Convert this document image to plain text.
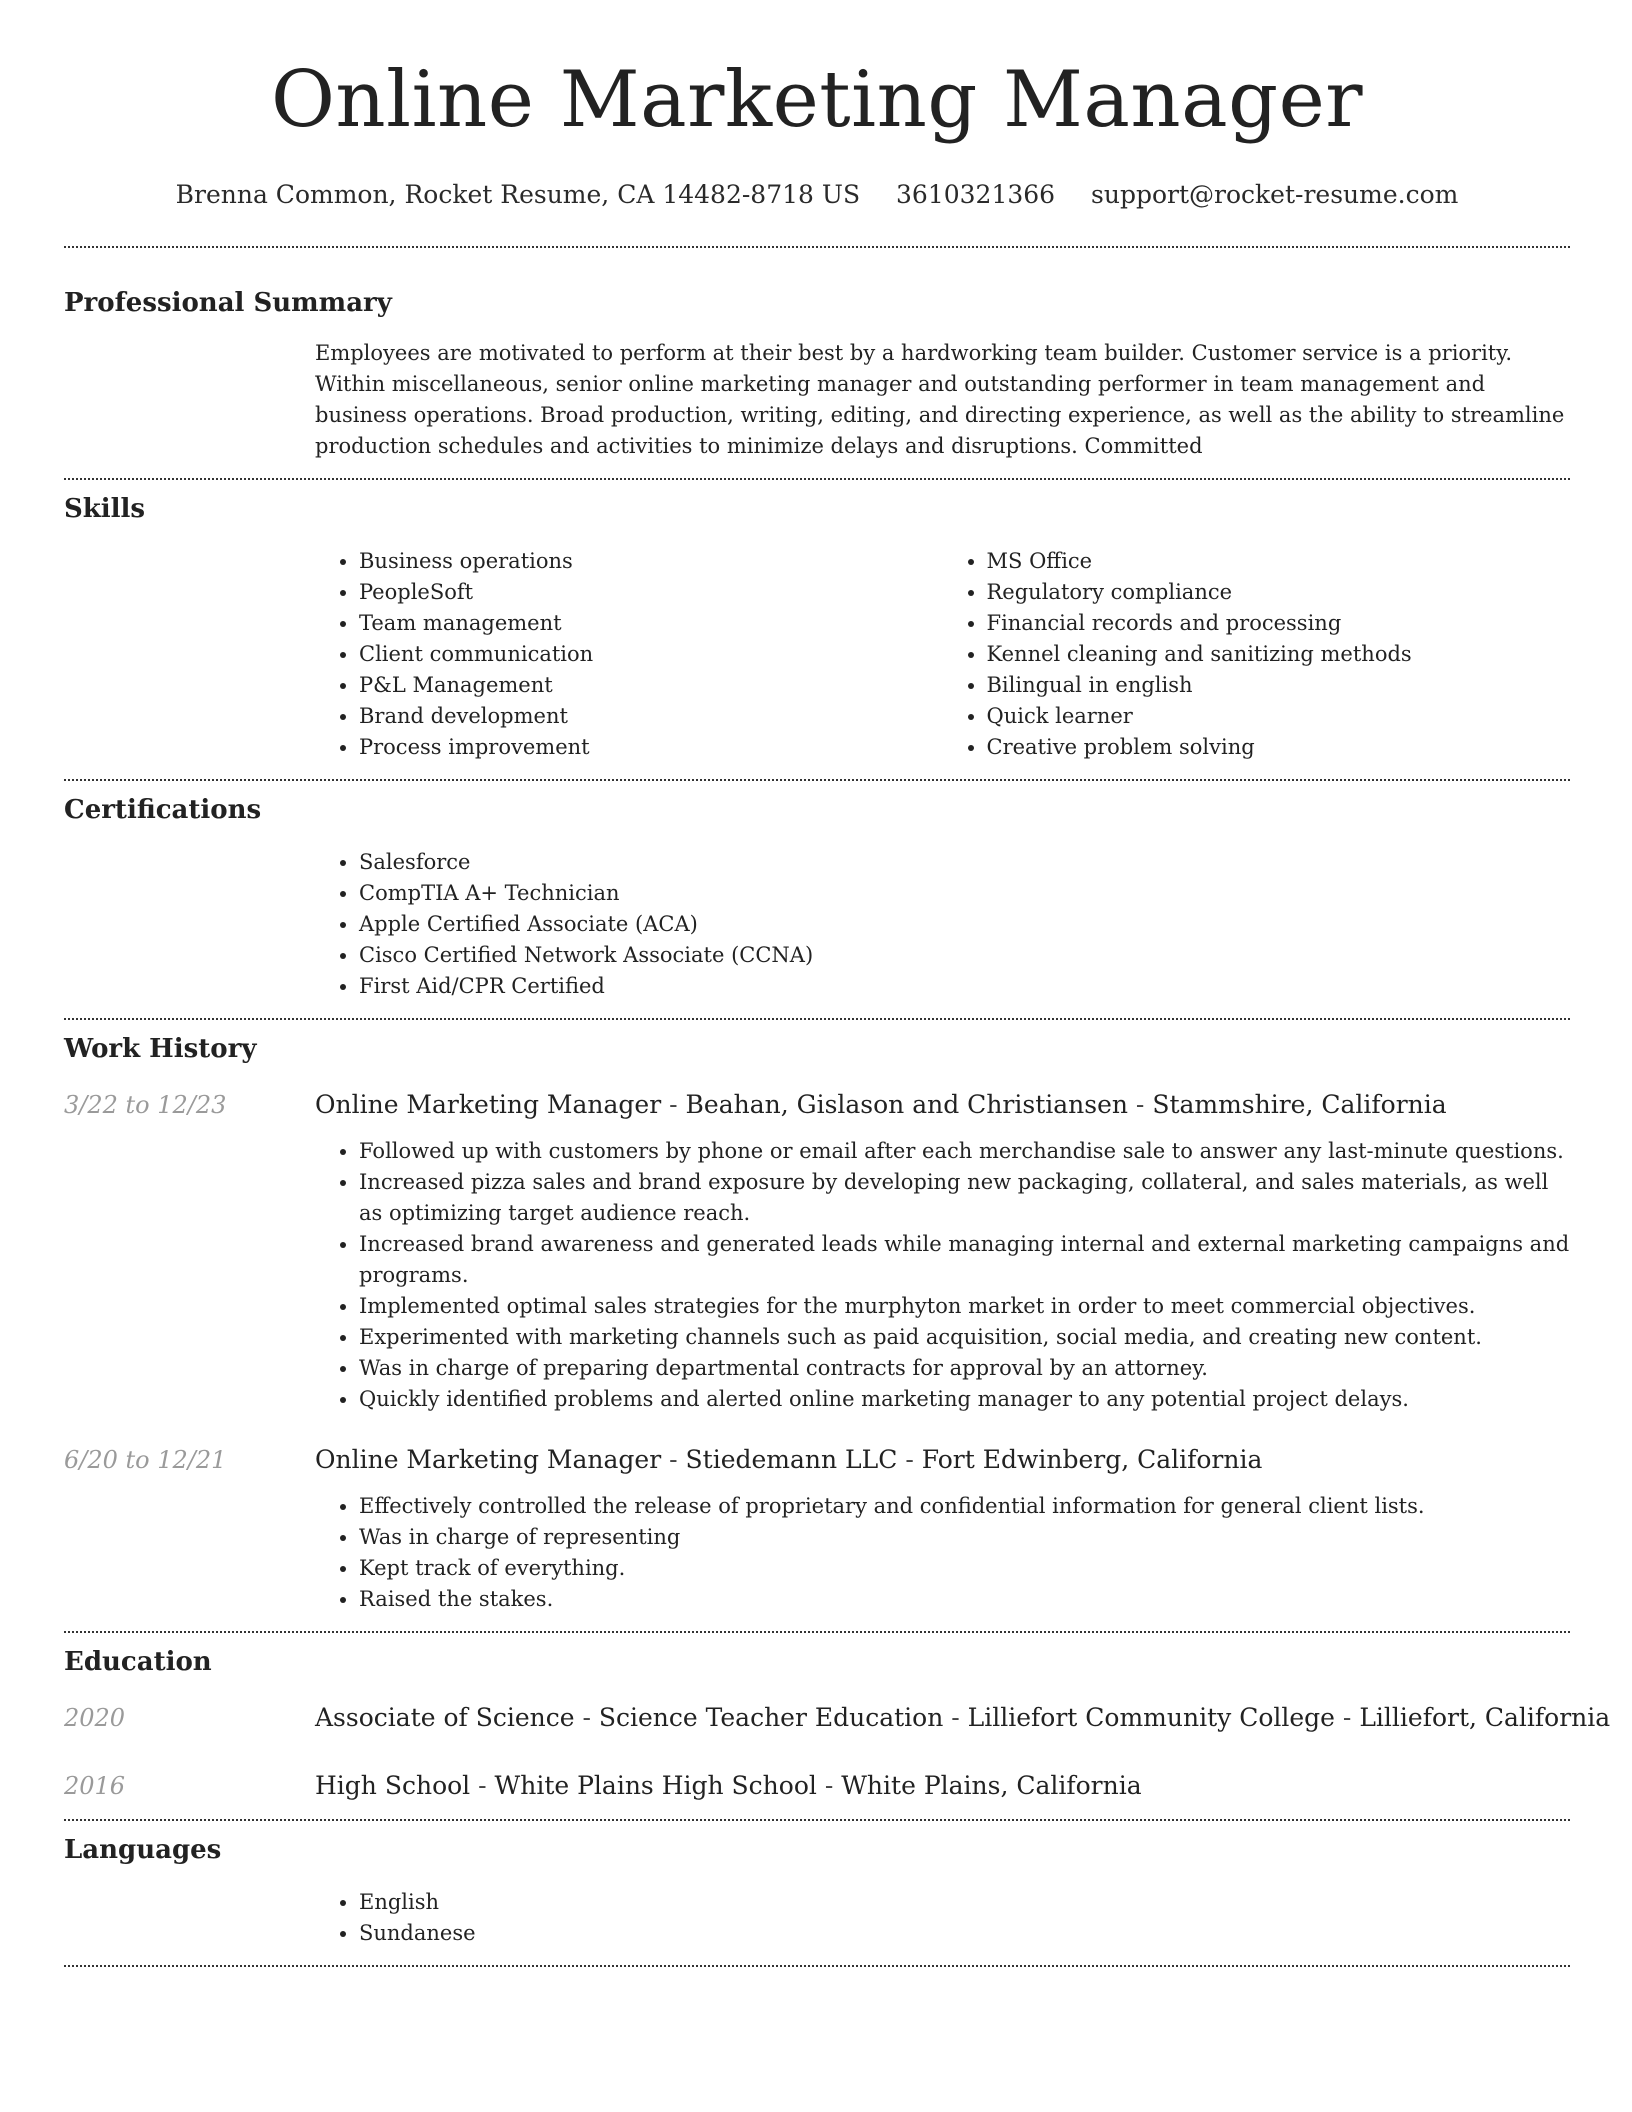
Online Marketing Manager
Brenna Common, Rocket Resume, CA 14482-8718 US 3610321366 support@rocket-resume.com
Professional Summary

Employees are motivated to perform at their best by a hardworking team builder. Customer service is a priority. Within miscellaneous, senior online marketing manager and outstanding performer in team management and business operations. Broad production, writing, editing, and directing experience, as well as the ability to streamline production schedules and activities to minimize delays and disruptions. Committed

Skills
• Business operations
• PeopleSoft
• Team management
• Client communication
• P&L Management
• Brand development
• Process improvement
• MS Office
• Regulatory compliance
• Financial records and processing
• Kennel cleaning and sanitizing methods
• Bilingual in english
• Quick learner
• Creative problem solving
Certifications
• Salesforce
• CompTIA A+ Technician
• Apple Certified Associate (ACA)
• Cisco Certified Network Associate (CCNA)
• First Aid/CPR Certified
Work History
3/22 to 12/23	Online Marketing Manager - Beahan, Gislason and Christiansen - Stammshire, California
• Followed up with customers by phone or email after each merchandise sale to answer any last-minute questions.
• Increased pizza sales and brand exposure by developing new packaging, collateral, and sales materials, as well as optimizing target audience reach.
• Increased brand awareness and generated leads while managing internal and external marketing campaigns and programs.
• Implemented optimal sales strategies for the murphyton market in order to meet commercial objectives.
• Experimented with marketing channels such as paid acquisition, social media, and creating new content.
• Was in charge of preparing departmental contracts for approval by an attorney.
• Quickly identified problems and alerted online marketing manager to any potential project delays.
6/20 to 12/21	Online Marketing Manager - Stiedemann LLC - Fort Edwinberg, California
• Effectively controlled the release of proprietary and confidential information for general client lists.
• Was in charge of representing
• Kept track of everything.
• Raised the stakes.
Education
2020	Associate of Science - Science Teacher Education - Lilliefort Community College - Lilliefort, California
2016	High School - White Plains High School - White Plains, California
Languages
• English
• Sundanese
